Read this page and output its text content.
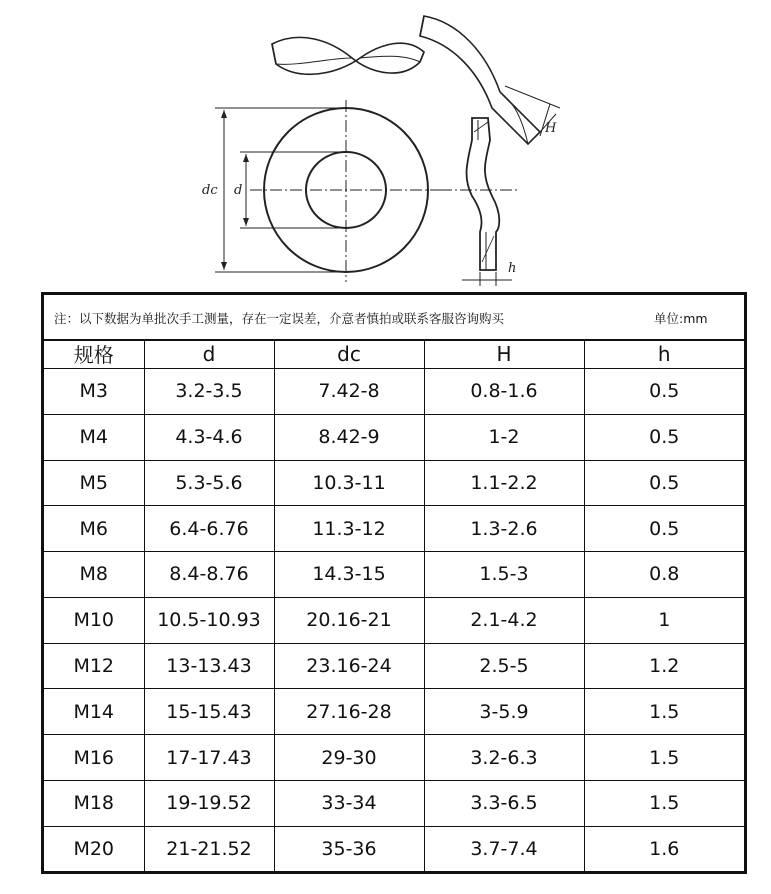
dc d
H
h
注：以下数据为单批次手工测量，存在一定误差，介意者慎拍或联系客服咨询购买	单位:mm
规格	d	dc	H	h
M3	3.2-3.5	7.42-8	0.8-1.6	0.5
M4	4.3-4.6	8.42-9	1-2	0.5
M5	5.3-5.6	10.3-11	1.1-2.2	0.5
M6	6.4-6.76	11.3-12	1.3-2.6	0.5
M8	8.4-8.76	14.3-15	1.5-3	0.8
M10	10.5-10.93	20.16-21	2.1-4.2	1
M12	13-13.43	23.16-24	2.5-5	1.2
M14	15-15.43	27.16-28	3-5.9	1.5
M16	17-17.43	29-30	3.2-6.3	1.5
M18	19-19.52	33-34	3.3-6.5	1.5
M20	21-21.52	35-36	3.7-7.4	1.6
